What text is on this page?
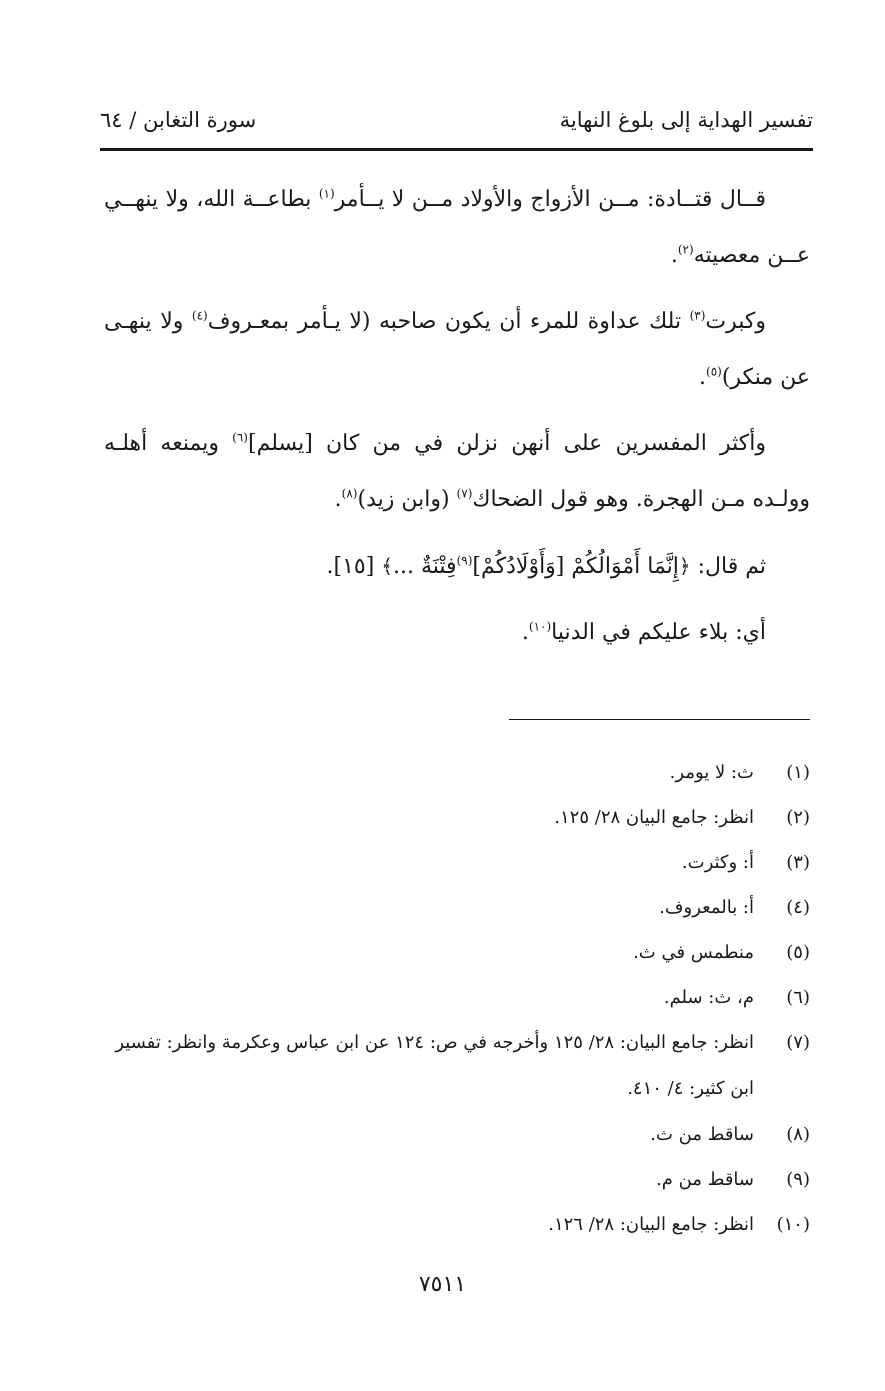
تفسير الهداية إلى بلوغ النهاية
سورة التغابن / ٦٤

قــال قتــادة: مــن الأزواج والأولاد مــن لا يــأمر$^{(١)}$ بطاعــة الله، ولا ينهــي عــن معصيته$^{(٢)}$.

وكبرت$^{(٣)}$ تلك عداوة للمرء أن يكون صاحبه (لا يـأمر بمعـروف$^{(٤)}$ ولا ينهـى عن منكر)$^{(٥)}$.

وأكثر المفسرين على أنهن نزلن في من كان [يسلم]$^{(٦)}$ ويمنعه أهلـه وولـده مـن الهجرة. وهو قول الضحاك$^{(٧)}$ (وابن زيد)$^{(٨)}$.

ثم قال: ﴿إِنَّمَا أَمْوَالُكُمْ [وَأَوْلَادُكُمْ]$^{(٩)}$فِتْنَةٌ ...﴾ [١٥].

أي: بلاء عليكم في الدنيا$^{(١٠)}$.

(١)
ث: لا يومر.
(٢)
انظر: جامع البيان ٢٨/ ١٢٥.
(٣)
أ: وكثرت.
(٤)
أ: بالمعروف.
(٥)
منطمس في ث.
(٦)
م، ث: سلم.
(٧)
انظر: جامع البيان: ٢٨/ ١٢٥ وأخرجه في ص: ١٢٤ عن ابن عباس وعكرمة وانظر: تفسير ابن كثير: ٤/ ٤١٠.
(٨)
ساقط من ث.
(٩)
ساقط من م.
(١٠)
انظر: جامع البيان: ٢٨/ ١٢٦.
٧٥١١
